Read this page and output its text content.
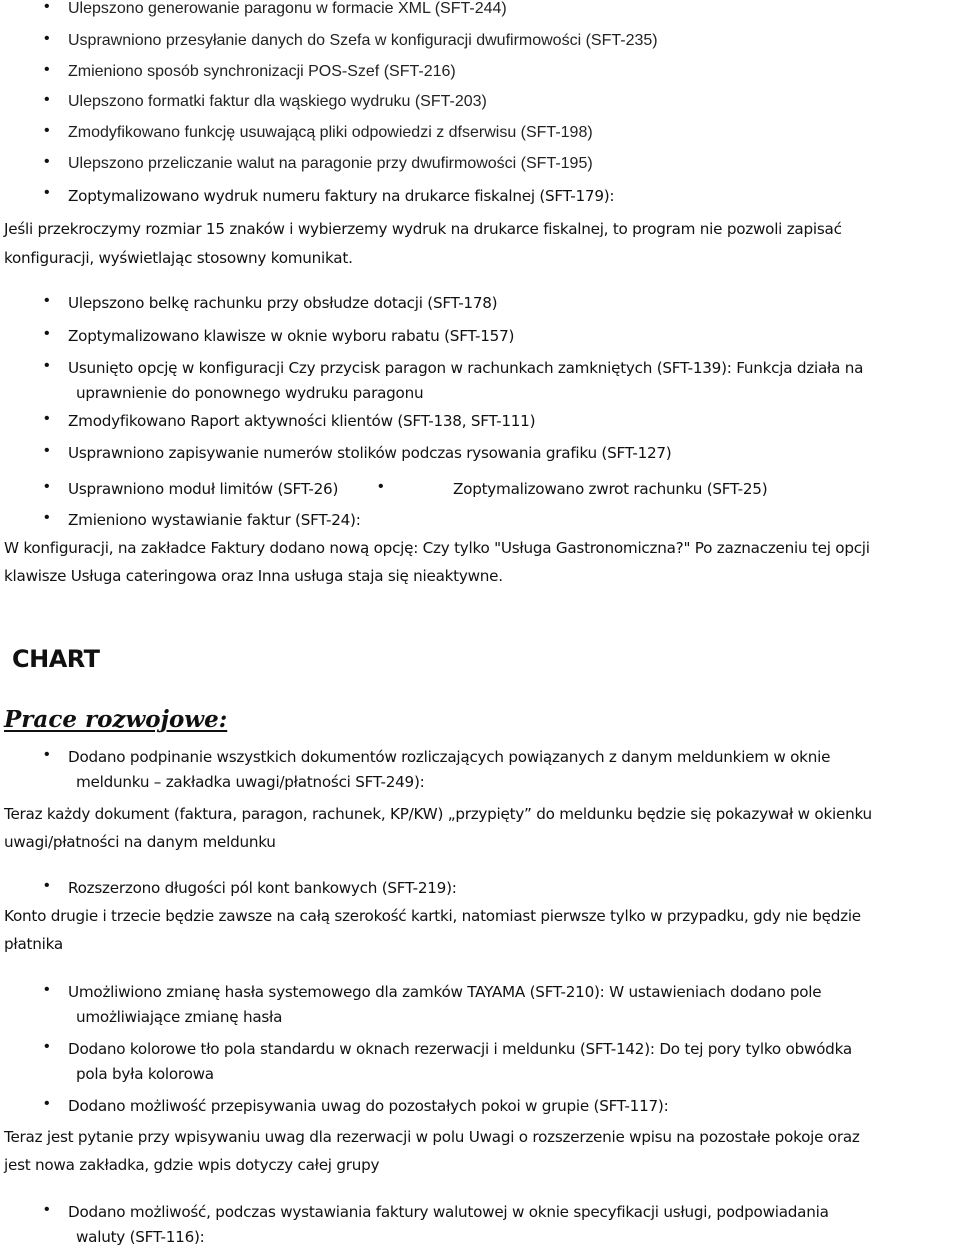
• Ulepszono generowanie paragonu w formacie XML (SFT-244)
• Usprawniono przesyłanie danych do Szefa w konfiguracji dwufirmowości (SFT-235)
• Zmieniono sposób synchronizacji POS-Szef (SFT-216)
• Ulepszono formatki faktur dla wąskiego wydruku (SFT-203)
• Zmodyfikowano funkcję usuwającą pliki odpowiedzi z dfserwisu (SFT-198)
• Ulepszono przeliczanie walut na paragonie przy dwufirmowości (SFT-195)
• Zoptymalizowano wydruk numeru faktury na drukarce fiskalnej (SFT-179):
Jeśli przekroczymy rozmiar 15 znaków i wybierzemy wydruk na drukarce fiskalnej, to program nie pozwoli zapisać
konfiguracji, wyświetlając stosowny komunikat.
• Ulepszono belkę rachunku przy obsłudze dotacji (SFT-178)
• Zoptymalizowano klawisze w oknie wyboru rabatu (SFT-157)
• Usunięto opcję w konfiguracji Czy przycisk paragon w rachunkach zamkniętych (SFT-139): Funkcja działa na
uprawnienie do ponownego wydruku paragonu
• Zmodyfikowano Raport aktywności klientów (SFT-138, SFT-111)
• Usprawniono zapisywanie numerów stolików podczas rysowania grafiku (SFT-127)
• Usprawniono moduł limitów (SFT-26) •	Zoptymalizowano zwrot rachunku (SFT-25)
• Zmieniono wystawianie faktur (SFT-24):
W konfiguracji, na zakładce Faktury dodano nową opcję: Czy tylko "Usługa Gastronomiczna?" Po zaznaczeniu tej opcji
klawisze Usługa cateringowa oraz Inna usługa staja się nieaktywne.
CHART
Prace rozwojowe:
• Dodano podpinanie wszystkich dokumentów rozliczających powiązanych z danym meldunkiem w oknie
meldunku – zakładka uwagi/płatności SFT-249):
Teraz każdy dokument (faktura, paragon, rachunek, KP/KW) „przypięty” do meldunku będzie się pokazywał w okienku
uwagi/płatności na danym meldunku
• Rozszerzono długości pól kont bankowych (SFT-219):
Konto drugie i trzecie będzie zawsze na całą szerokość kartki, natomiast pierwsze tylko w przypadku, gdy nie będzie
płatnika
• Umożliwiono zmianę hasła systemowego dla zamków TAYAMA (SFT-210): W ustawieniach dodano pole
umożliwiające zmianę hasła
• Dodano kolorowe tło pola standardu w oknach rezerwacji i meldunku (SFT-142): Do tej pory tylko obwódka
pola była kolorowa
• Dodano możliwość przepisywania uwag do pozostałych pokoi w grupie (SFT-117):
Teraz jest pytanie przy wpisywaniu uwag dla rezerwacji w polu Uwagi o rozszerzenie wpisu na pozostałe pokoje oraz
jest nowa zakładka, gdzie wpis dotyczy całej grupy
• Dodano możliwość, podczas wystawiania faktury walutowej w oknie specyfikacji usługi, podpowiadania
waluty (SFT-116):
